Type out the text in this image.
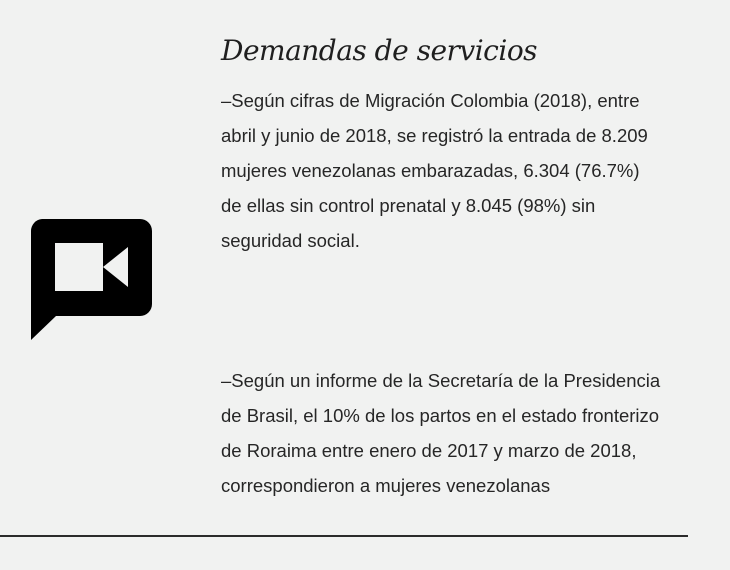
Demandas de servicios

–Según cifras de Migración Colombia (2018), entre abril y junio de 2018, se registró la entrada de 8.209 mujeres venezolanas embarazadas, 6.304 (76.7%) de ellas sin control prenatal y 8.045 (98%) sin seguridad social.

–Según un informe de la Secretaría de la Presidencia de Brasil, el 10% de los partos en el estado fronterizo de Roraima entre enero de 2017 y marzo de 2018, correspondieron a mujeres venezolanas
